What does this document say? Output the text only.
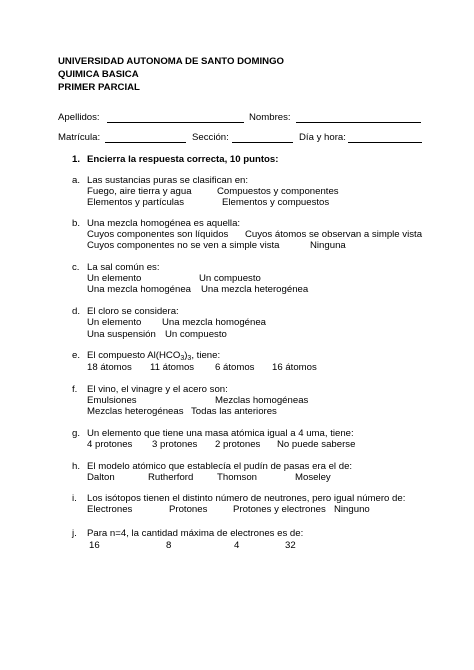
UNIVERSIDAD AUTONOMA DE SANTO DOMINGO
QUIMICA BASICA
PRIMER PARCIAL
Apellidos:	Nombres:
Matrícula:	Sección:	Día y hora:
1. Encierra la respuesta correcta, 10 puntos:
a. Las sustancias puras se clasifican en:
Fuego, aire tierra y agua	Compuestos y componentes
Elementos y partículas	Elementos y compuestos
b. Una mezcla homogénea es aquella:
Cuyos componentes son líquidos Cuyos átomos se observan a simple vista
Cuyos componentes no se ven a simple vista	Ninguna
c. La sal común es:
Un elemento	Un compuesto
Una mezcla homogénea Una mezcla heterogénea
d. El cloro se considera:
Un elemento Una mezcla homogénea
Una suspensión Un compuesto
e. El compuesto $Al(HCO_3)_3$, tiene:
18 átomos 11 átomos 6 átomos 16 átomos
f. El vino, el vinagre y el acero son:
Emulsiones	Mezclas homogéneas
Mezclas heterogéneas Todas las anteriores
g. Un elemento que tiene una masa atómica igual a 4 uma, tiene:
4 protones 3 protones 2 protones No puede saberse
h. El modelo atómico que establecía el pudín de pasas era el de:
Dalton	Rutherford Thomson	Moseley
i. Los isótopos tienen el distinto número de neutrones, pero igual número de:
Electrones	Protones	Protones y electrones Ninguno
j. Para n=4, la cantidad máxima de electrones es de:
16	8	4	32
